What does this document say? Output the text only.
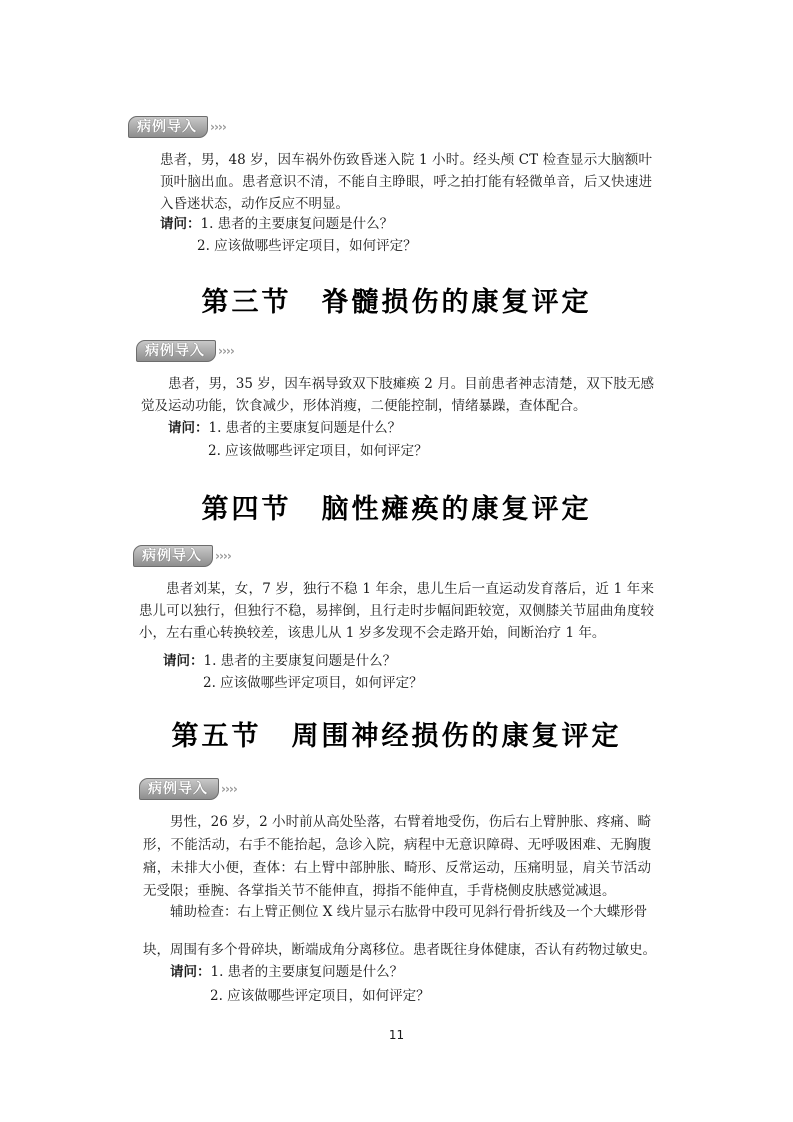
病例导入	››››
患者，男，48 岁，因车祸外伤致昏迷入院 1 小时。经头颅 CT 检查显示大脑额叶顶叶脑出血。患者意识不清，不能自主睁眼，呼之拍打能有轻微单音，后又快速进入昏迷状态，动作反应不明显。
请问：1. 患者的主要康复问题是什么？
2. 应该做哪些评定项目，如何评定？
第三节　脊髓损伤的康复评定
病例导入	››››
患者，男，35 岁，因车祸导致双下肢瘫痪 2 月。目前患者神志清楚，双下肢无感觉及运动功能，饮食减少，形体消瘦，二便能控制，情绪暴躁，查体配合。
请问：1. 患者的主要康复问题是什么？
2. 应该做哪些评定项目，如何评定？
第四节　脑性瘫痪的康复评定
病例导入	››››
患者刘某，女，7 岁，独行不稳 1 年余，患儿生后一直运动发育落后，近 1 年来患儿可以独行，但独行不稳，易摔倒，且行走时步幅间距较宽，双侧膝关节屈曲角度较小，左右重心转换较差，该患儿从 1 岁多发现不会走路开始，间断治疗 1 年。
请问：1. 患者的主要康复问题是什么？
2. 应该做哪些评定项目，如何评定？
第五节　周围神经损伤的康复评定
病例导入	››››
男性，26 岁，2 小时前从高处坠落，右臂着地受伤，伤后右上臂肿胀、疼痛、畸形，不能活动，右手不能抬起，急诊入院，病程中无意识障碍、无呼吸困难、无胸腹痛，未排大小便，查体：右上臂中部肿胀、畸形、反常运动，压痛明显，肩关节活动无受限；垂腕、各掌指关节不能伸直，拇指不能伸直，手背桡侧皮肤感觉减退。
辅助检查：右上臂正侧位 X 线片显示右肱骨中段可见斜行骨折线及一个大蝶形骨
块，周围有多个骨碎块，断端成角分离移位。患者既往身体健康，否认有药物过敏史。
请问：1. 患者的主要康复问题是什么？
2. 应该做哪些评定项目，如何评定？
11
